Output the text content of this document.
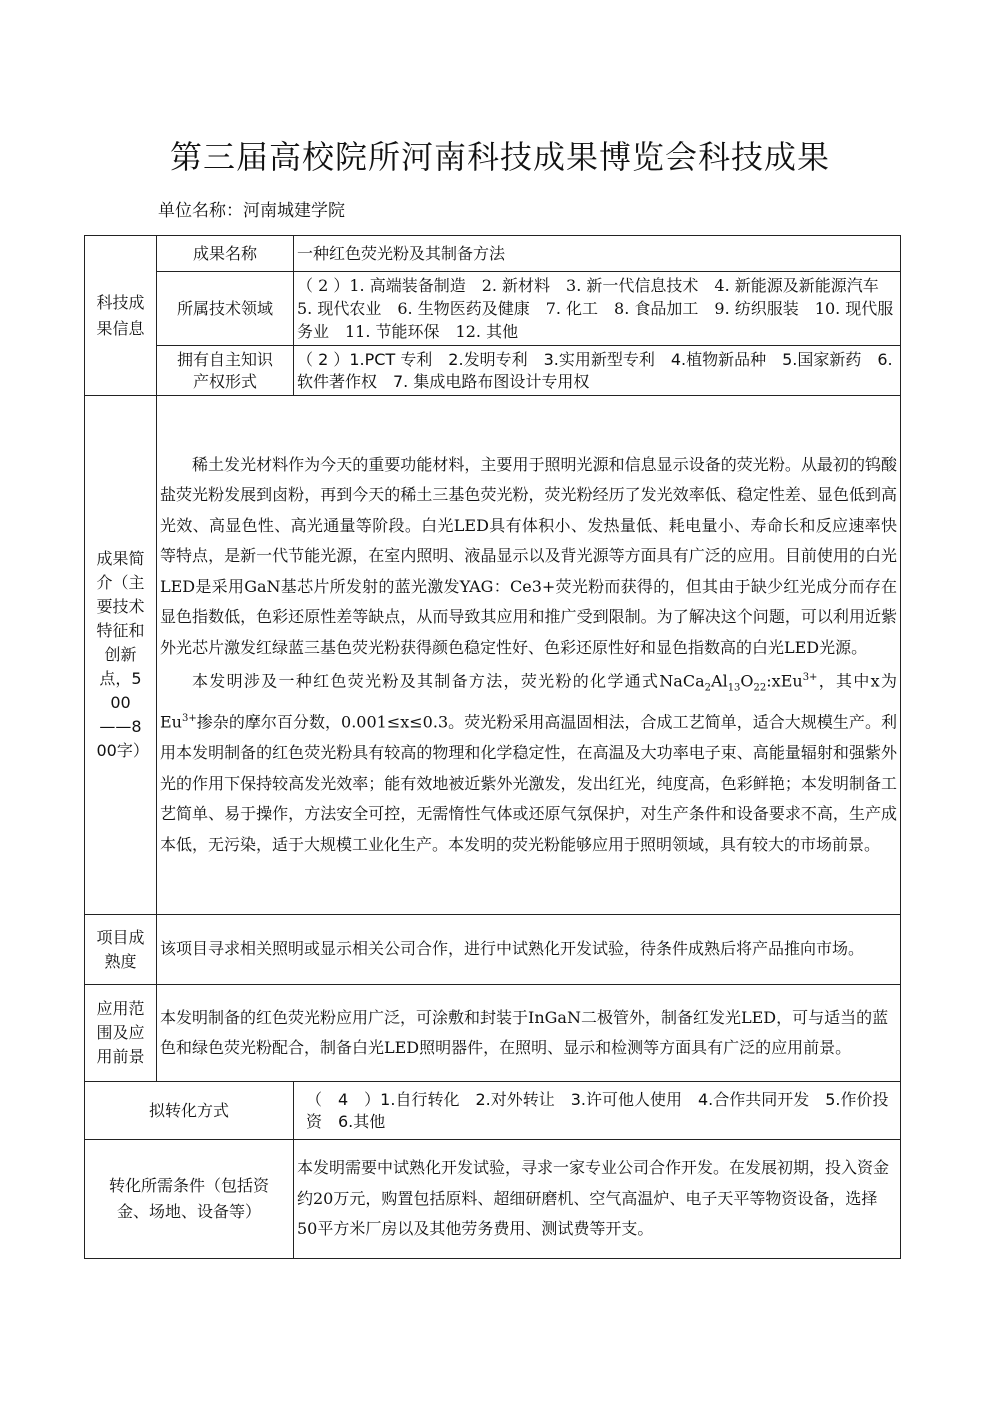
第三届高校院所河南科技成果博览会科技成果
单位名称：河南城建学院
科技成果信息	成果名称	一种红色荧光粉及其制备方法
	所属技术领域	（ 2 ）1. 高端装备制造　2. 新材料　3. 新一代信息技术　4. 新能源及新能源汽车　5. 现代农业　6. 生物医药及健康　7. 化工　8. 食品加工　9. 纺织服装　10. 现代服务业　11. 节能环保　12. 其他

	拥有自主知识产权形式	（ 2 ）1.PCT 专利　2.发明专利　3.实用新型专利　4.植物新品种　5.国家新药　6.软件著作权　7. 集成电路布图设计专用权

成果简介（主要技术特征和创新点，500——800字）	稀土发光材料作为今天的重要功能材料，主要用于照明光源和信息显示设备的荧光粉。从最初的钨酸盐荧光粉发展到卤粉，再到今天的稀土三基色荧光粉，荧光粉经历了发光效率低、稳定性差、显色低到高光效、高显色性、高光通量等阶段。白光LED具有体积小、发热量低、耗电量小、寿命长和反应速率快等特点，是新一代节能光源，在室内照明、液晶显示以及背光源等方面具有广泛的应用。目前使用的白光LED是采用GaN基芯片所发射的蓝光激发YAG：Ce3+荧光粉而获得的，但其由于缺少红光成分而存在显色指数低，色彩还原性差等缺点，从而导致其应用和推广受到限制。为了解决这个问题，可以利用近紫外光芯片激发红绿蓝三基色荧光粉获得颜色稳定性好、色彩还原性好和显色指数高的白光LED光源。

本发明涉及一种红色荧光粉及其制备方法，荧光粉的化学通式$NaCa_2Al_{13}O_{22}:xEu^{3+}$，其中x为$Eu^{3+}$掺杂的摩尔百分数，0.001≤x≤0.3。荧光粉采用高温固相法，合成工艺简单，适合大规模生产。利用本发明制备的红色荧光粉具有较高的物理和化学稳定性，在高温及大功率电子束、高能量辐射和强紫外光的作用下保持较高发光效率；能有效地被近紫外光激发，发出红光，纯度高，色彩鲜艳；本发明制备工艺简单、易于操作，方法安全可控，无需惰性气体或还原气氛保护，对生产条件和设备要求不高，生产成本低，无污染，适于大规模工业化生产。本发明的荧光粉能够应用于照明领域，具有较大的市场前景。	

项目成熟度	该项目寻求相关照明或显示相关公司合作，进行中试熟化开发试验，待条件成熟后将产品推向市场。	

应用范围及应用前景	本发明制备的红色荧光粉应用广泛，可涂敷和封装于InGaN二极管外，制备红发光LED，可与适当的蓝色和绿色荧光粉配合，制备白光LED照明器件，在照明、显示和检测等方面具有广泛的应用前景。	
拟转化方式		（　4　）1.自行转化　2.对外转让　3.许可他人使用　4.合作共同开发　5.作价投资　6.其他

转化所需条件（包括资金、场地、设备等）		本发明需要中试熟化开发试验，寻求一家专业公司合作开发。在发展初期，投入资金约20万元，购置包括原料、超细研磨机、空气高温炉、电子天平等物资设备，选择50平方米厂房以及其他劳务费用、测试费等开支。
